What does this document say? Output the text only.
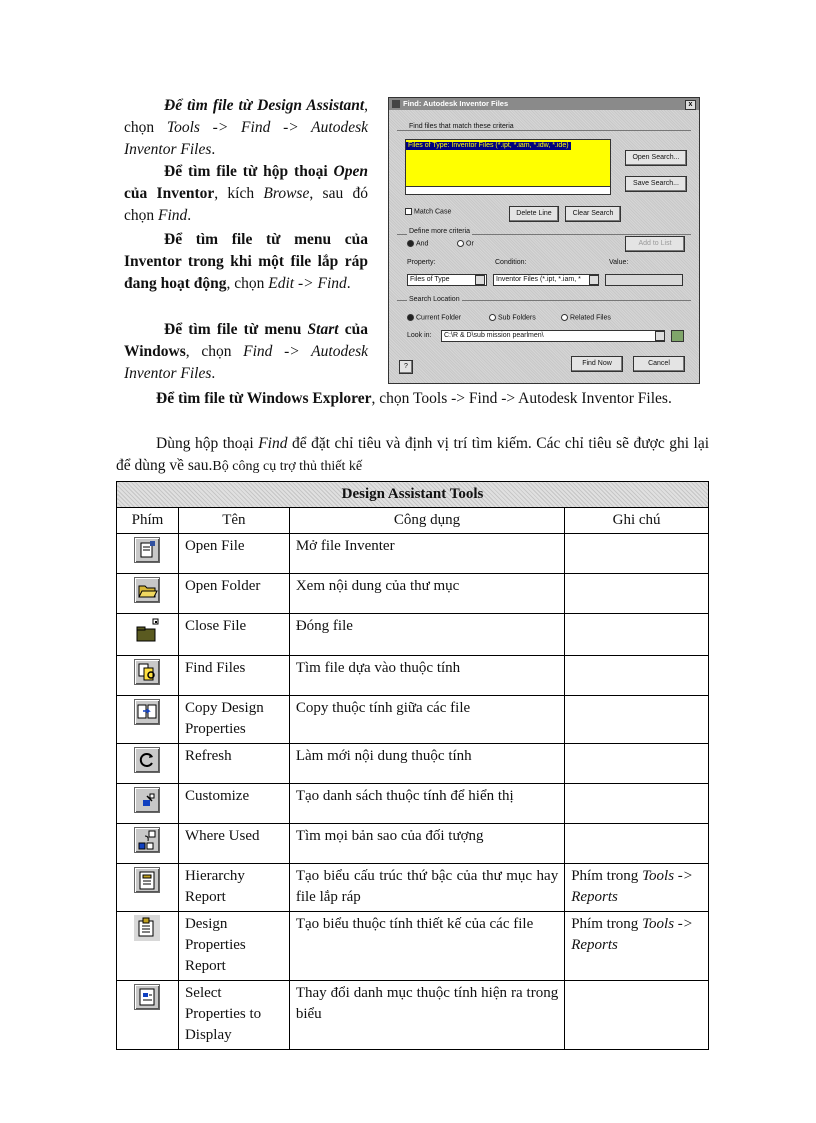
Để tìm file từ Design Assistant, chọn Tools -> Find -> Autodesk Inventor Files.
Để tìm file từ hộp thoại Open của Inventor, kích Browse, sau đó chọn Find.
Để tìm file từ menu của Inventor trong khi một file lắp ráp đang hoạt động, chọn Edit -> Find.
Để tìm file từ menu Start của Windows, chọn Find -> Autodesk Inventor Files.
Để tìm file từ Windows Explorer, chọn Tools -> Find -> Autodesk Inventor Files.
Dùng hộp thoại Find để đặt chỉ tiêu và định vị trí tìm kiếm. Các chỉ tiêu sẽ được ghi lại để dùng về sau.Bộ công cụ trợ thủ thiết kế
Find: Autodesk Inventor Files	x
Find files that match these criteria
Files of Type: Inventor Files (*.ipt, *.iam, *.idw, *.ide)
Open Search...
Save Search...
Match Case	Delete Line	Clear Search
Define more criteria
And	Or	Add to List
Property:	Condition:	Value:
Files of Type	Inventor Files (*.ipt, *.iam, *
Search Location
Current Folder	Sub Folders	Related Files
Look in:	C:\R & D\sub mission pearlmen\
?	Find Now	Cancel
Design Assistant Tools			
Phím	Tên	Công dụng	Ghi chú

	Open File	Mở file Inventer	

	Open Folder	Xem nội dung của thư mục	
	Close File	Đóng file	

	Find Files	Tìm file dựa vào thuộc tính	

	Copy Design Properties	Copy thuộc tính giữa các file	

	Refresh	Làm mới nội dung thuộc tính	

	Customize	Tạo danh sách thuộc tính để hiển thị	

	Where Used	Tìm mọi bản sao của đối tượng	

	Hierarchy Report	Tạo biểu cấu trúc thứ bậc của thư mục hay file lắp ráp	Phím trong Tools -> Reports

	Design Properties Report	Tạo biểu thuộc tính thiết kế của các file	Phím trong Tools -> Reports

	Select Properties to Display	Thay đổi danh mục thuộc tính hiện ra trong biểu	
